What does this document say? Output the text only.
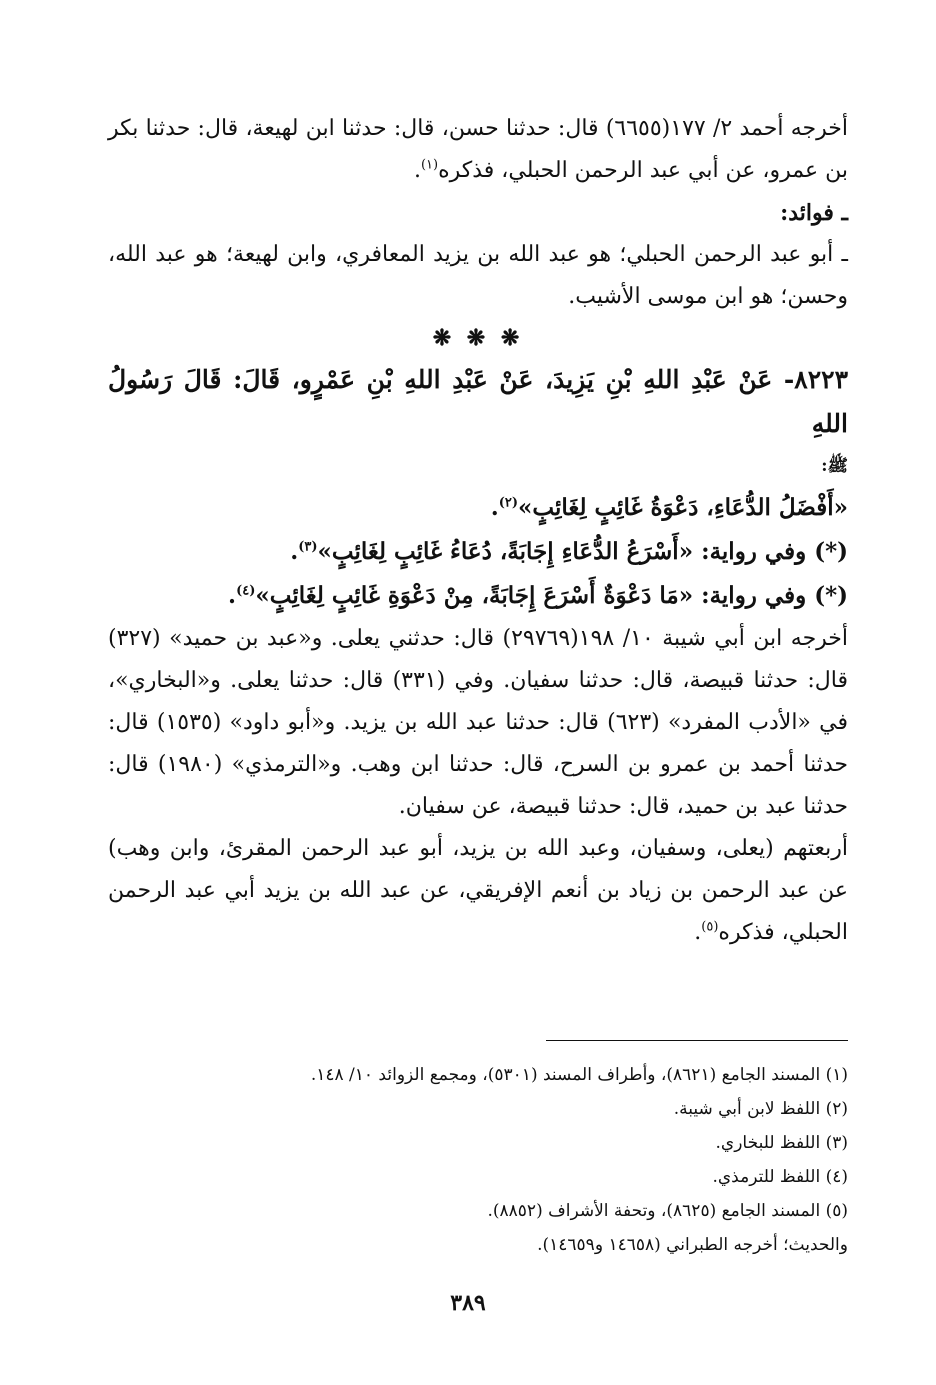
أخرجه أحمد ٢/ ١٧٧(٦٦٥٥) قال: حدثنا حسن، قال: حدثنا ابن لهيعة، قال: حدثنا بكر بن عمرو، عن أبي عبد الرحمن الحبلي، فذكره$^{(١)}$.

ـ فوائد:

ـ أبو عبد الرحمن الحبلي؛ هو عبد الله بن يزيد المعافري، وابن لهيعة؛ هو عبد الله، وحسن؛ هو ابن موسى الأشيب.

❋ ❋ ❋

٨٢٢٣- عَنْ عَبْدِ اللهِ بْنِ يَزِيدَ، عَنْ عَبْدِ اللهِ بْنِ عَمْرٍو، قَالَ: قَالَ رَسُولُ اللهِ
ﷺ:

«أَفْضَلُ الدُّعَاءِ، دَعْوَةُ غَائِبٍ لِغَائِبٍ»$^{(٢)}$.

(*) وفي رواية: «أَسْرَعُ الدُّعَاءِ إِجَابَةً، دُعَاءُ غَائِبٍ لِغَائِبٍ»$^{(٣)}$.

(*) وفي رواية: «مَا دَعْوَةٌ أَسْرَعَ إِجَابَةً، مِنْ دَعْوَةِ غَائِبٍ لِغَائِبٍ»$^{(٤)}$.

أخرجه ابن أبي شيبة ١٠/ ١٩٨(٢٩٧٦٩) قال: حدثني يعلى. و«عبد بن حميد» (٣٢٧) قال: حدثنا قبيصة، قال: حدثنا سفيان. وفي (٣٣١) قال: حدثنا يعلى. و«البخاري»، في «الأدب المفرد» (٦٢٣) قال: حدثنا عبد الله بن يزيد. و«أبو داود» (١٥٣٥) قال: حدثنا أحمد بن عمرو بن السرح، قال: حدثنا ابن وهب. و«الترمذي» (١٩٨٠) قال: حدثنا عبد بن حميد، قال: حدثنا قبيصة، عن سفيان.

أربعتهم (يعلى، وسفيان، وعبد الله بن يزيد، أبو عبد الرحمن المقرئ، وابن وهب) عن عبد الرحمن بن زياد بن أنعم الإفريقي، عن عبد الله بن يزيد أبي عبد الرحمن الحبلي، فذكره$^{(٥)}$.

(١) المسند الجامع (٨٦٢١)، وأطراف المسند (٥٣٠١)، ومجمع الزوائد ١٠/ ١٤٨.

(٢) اللفظ لابن أبي شيبة.

(٣) اللفظ للبخاري.

(٤) اللفظ للترمذي.

(٥) المسند الجامع (٨٦٢٥)، وتحفة الأشراف (٨٨٥٢).

والحديث؛ أخرجه الطبراني (١٤٦٥٨ و١٤٦٥٩).

٣٨٩
